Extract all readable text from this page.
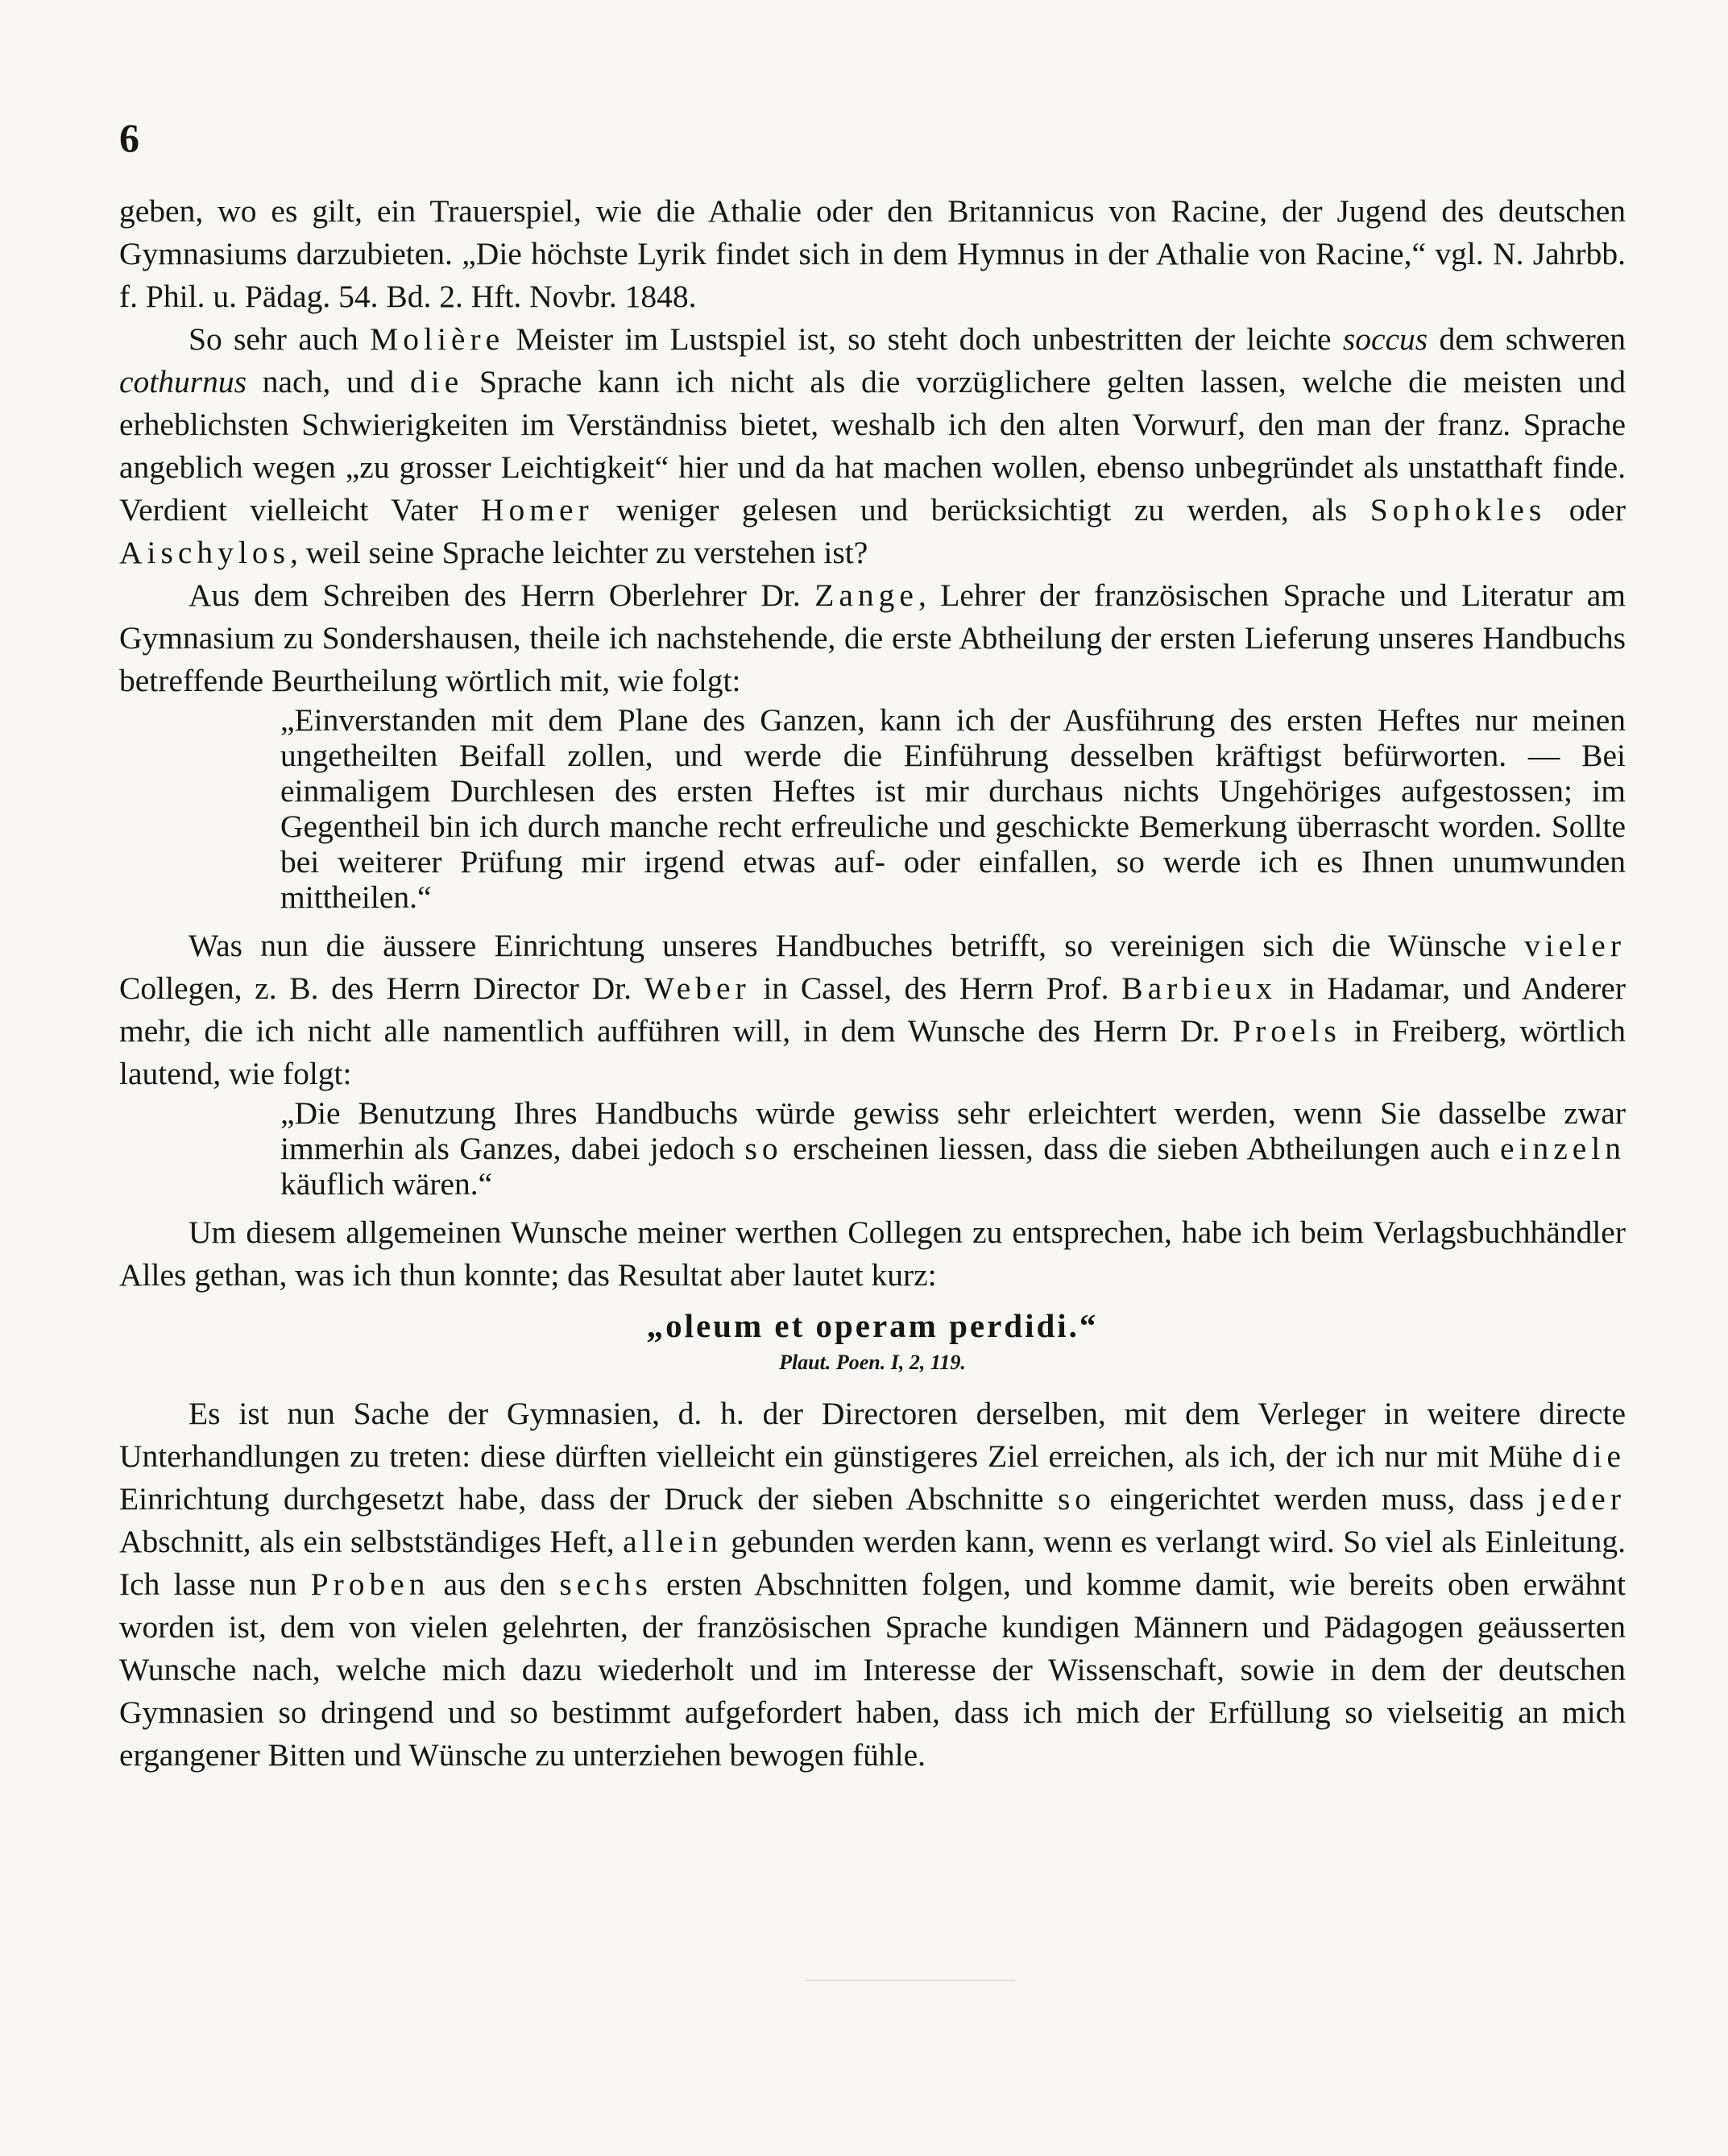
6

geben, wo es gilt, ein Trauerspiel, wie die Athalie oder den Britannicus von Racine, der Jugend des deutschen Gymnasiums darzubieten. „Die höchste Lyrik findet sich in dem Hymnus in der Athalie von Racine,“ vgl. N. Jahrbb. f. Phil. u. Pädag. 54. Bd. 2. Hft. Novbr. 1848.

So sehr auch Molière Meister im Lustspiel ist, so steht doch unbestritten der leichte soccus dem schweren cothurnus nach, und die Sprache kann ich nicht als die vorzüglichere gelten lassen, welche die meisten und erheblichsten Schwierigkeiten im Verständniss bietet, weshalb ich den alten Vorwurf, den man der franz. Sprache angeblich wegen „zu grosser Leichtigkeit“ hier und da hat machen wollen, ebenso unbegründet als unstatthaft finde. Verdient vielleicht Vater Homer weniger gelesen und berücksichtigt zu werden, als Sophokles oder Aischylos, weil seine Sprache leichter zu verstehen ist?

Aus dem Schreiben des Herrn Oberlehrer Dr. Zange, Lehrer der französischen Sprache und Literatur am Gymnasium zu Sondershausen, theile ich nachstehende, die erste Abtheilung der ersten Lieferung unseres Handbuchs betreffende Beurtheilung wörtlich mit, wie folgt:

„Einverstanden mit dem Plane des Ganzen, kann ich der Ausführung des ersten Heftes nur meinen ungetheilten Beifall zollen, und werde die Einführung desselben kräftigst befürworten. — Bei einmaligem Durchlesen des ersten Heftes ist mir durchaus nichts Ungehöriges aufgestossen; im Gegentheil bin ich durch manche recht erfreuliche und geschickte Bemerkung überrascht worden. Sollte bei weiterer Prüfung mir irgend etwas auf- oder einfallen, so werde ich es Ihnen unumwunden mittheilen.“

Was nun die äussere Einrichtung unseres Handbuches betrifft, so vereinigen sich die Wünsche vieler Collegen, z. B. des Herrn Director Dr. Weber in Cassel, des Herrn Prof. Barbieux in Hadamar, und Anderer mehr, die ich nicht alle namentlich aufführen will, in dem Wunsche des Herrn Dr. Proels in Freiberg, wörtlich lautend, wie folgt:

„Die Benutzung Ihres Handbuchs würde gewiss sehr erleichtert werden, wenn Sie dasselbe zwar immerhin als Ganzes, dabei jedoch so erscheinen liessen, dass die sieben Abtheilungen auch einzeln käuflich wären.“

Um diesem allgemeinen Wunsche meiner werthen Collegen zu entsprechen, habe ich beim Verlagsbuchhändler Alles gethan, was ich thun konnte; das Resultat aber lautet kurz:

„oleum et operam perdidi.“

Plaut. Poen. I, 2, 119.

Es ist nun Sache der Gymnasien, d. h. der Directoren derselben, mit dem Verleger in weitere directe Unterhandlungen zu treten: diese dürften vielleicht ein günstigeres Ziel erreichen, als ich, der ich nur mit Mühe die Einrichtung durchgesetzt habe, dass der Druck der sieben Abschnitte so eingerichtet werden muss, dass jeder Abschnitt, als ein selbstständiges Heft, allein gebunden werden kann, wenn es verlangt wird. So viel als Einleitung. Ich lasse nun Proben aus den sechs ersten Abschnitten folgen, und komme damit, wie bereits oben erwähnt worden ist, dem von vielen gelehrten, der französischen Sprache kundigen Männern und Pädagogen geäusserten Wunsche nach, welche mich dazu wiederholt und im Interesse der Wissenschaft, sowie in dem der deutschen Gymnasien so dringend und so bestimmt aufgefordert haben, dass ich mich der Erfüllung so vielseitig an mich ergangener Bitten und Wünsche zu unterziehen bewogen fühle.
